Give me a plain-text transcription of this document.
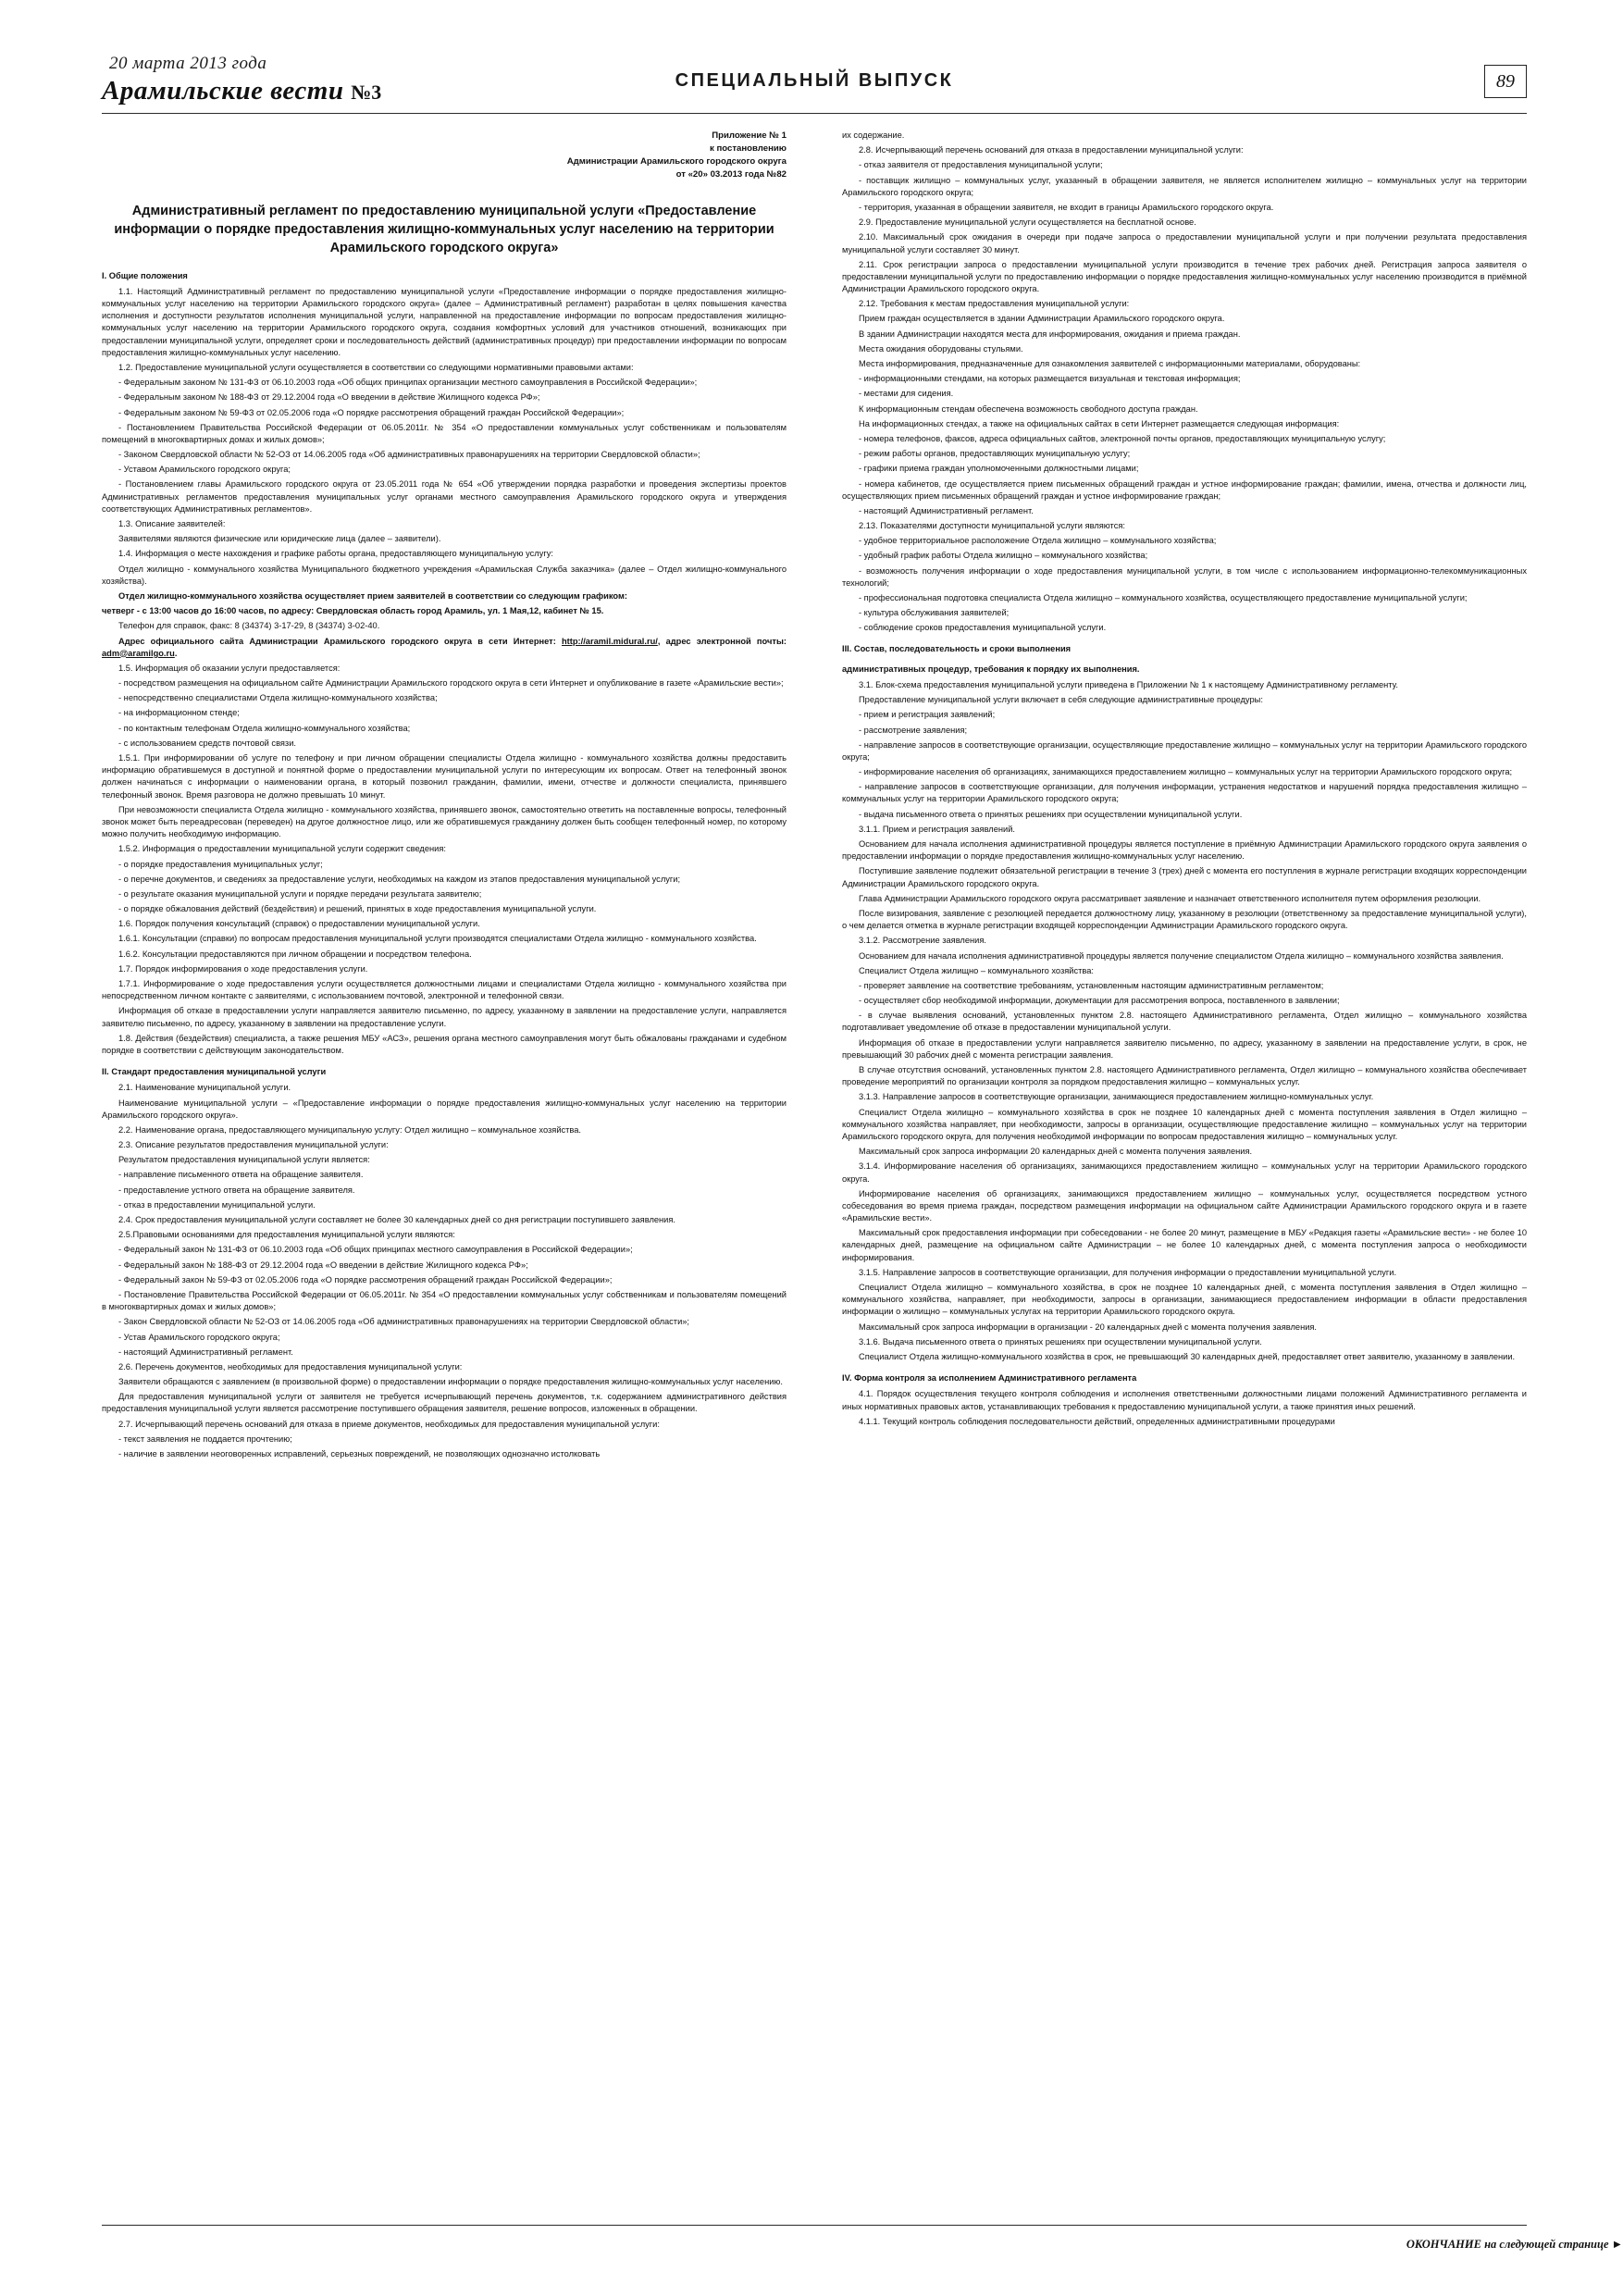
20 марта 2013 года
Арамильские вести №3	СПЕЦИАЛЬНЫЙ ВЫПУСК	89

Приложение № 1

к постановлению

Администрации Арамильского городского округа

от «20» 03.2013 года №82

Административный регламент по предоставлению муниципальной услуги «Предоставление информации о порядке предоставления жилищно-коммунальных услуг населению на территории Арамильского городского округа»

I. Общие положения

1.1. Настоящий Административный регламент по предоставлению муниципальной услуги «Предоставление информации о порядке предоставления жилищно-коммунальных услуг населению на территории Арамильского городского округа» (далее – Административный регламент) разработан в целях повышения качества исполнения и доступности результатов исполнения муниципальной услуги, направленной на предоставление информации по вопросам предоставления жилищно-коммунальных услуг населению на территории Арамильского городского округа, создания комфортных условий для участников отношений, возникающих при предоставлении муниципальной услуги, определяет сроки и последовательность действий (административных процедур) при предоставлении информации по вопросам предоставления жилищно-коммунальных услуг населению.

1.2. Предоставление муниципальной услуги осуществляется в соответствии со следующими нормативными правовыми актами:

- Федеральным законом № 131-ФЗ от 06.10.2003 года «Об общих принципах организации местного самоуправления в Российской Федерации»;

- Федеральным законом № 188-ФЗ от 29.12.2004 года «О введении в действие Жилищного кодекса РФ»;

- Федеральным законом № 59-ФЗ от 02.05.2006 года «О порядке рассмотрения обращений граждан Российской Федерации»;

- Постановлением Правительства Российской Федерации от 06.05.2011г. № 354 «О предоставлении коммунальных услуг собственникам и пользователям помещений в многоквартирных домах и жилых домов»;

- Законом Свердловской области № 52-ОЗ от 14.06.2005 года «Об административных правонарушениях на территории Свердловской области»;

- Уставом Арамильского городского округа;

- Постановлением главы Арамильского городского округа от 23.05.2011 года № 654 «Об утверждении порядка разработки и проведения экспертизы проектов Административных регламентов предоставления муниципальных услуг органами местного самоуправления Арамильского городского округа и утверждения соответствующих Административных регламентов».

1.3. Описание заявителей:

Заявителями являются физические или юридические лица (далее – заявители).

1.4. Информация о месте нахождения и графике работы органа, предоставляющего муниципальную услугу:

Отдел жилищно - коммунального хозяйства Муниципального бюджетного учреждения «Арамильская Служба заказчика» (далее – Отдел жилищно-коммунального хозяйства).

Отдел жилищно-коммунального хозяйства осуществляет прием заявителей в соответствии со следующим графиком:

четверг - с 13:00 часов до 16:00 часов, по адресу: Свердловская область город Арамиль, ул. 1 Мая,12, кабинет № 15.

Телефон для справок, факс: 8 (34374) 3-17-29, 8 (34374) 3-02-40.

Адрес официального сайта Администрации Арамильского городского округа в сети Интернет: http://aramil.midural.ru/, адрес электронной почты: adm@aramilgo.ru.

1.5. Информация об оказании услуги предоставляется:

- посредством размещения на официальном сайте Администрации Арамильского городского округа в сети Интернет и опубликование в газете «Арамильские вести»;

- непосредственно специалистами Отдела жилищно-коммунального хозяйства;

- на информационном стенде;

- по контактным телефонам Отдела жилищно-коммунального хозяйства;

- с использованием средств почтовой связи.

1.5.1. При информировании об услуге по телефону и при личном обращении специалисты Отдела жилищно - коммунального хозяйства должны предоставить информацию обратившемуся в доступной и понятной форме о предоставлении муниципальной услуги по интересующим их вопросам. Ответ на телефонный звонок должен начинаться с информации о наименовании органа, в который позвонил гражданин, фамилии, имени, отчестве и должности специалиста, принявшего телефонный звонок. Время разговора не должно превышать 10 минут.

При невозможности специалиста Отдела жилищно - коммунального хозяйства, принявшего звонок, самостоятельно ответить на поставленные вопросы, телефонный звонок может быть переадресован (переведен) на другое должностное лицо, или же обратившемуся гражданину должен быть сообщен телефонный номер, по которому можно получить необходимую информацию.

1.5.2. Информация о предоставлении муниципальной услуги содержит сведения:

- о порядке предоставления муниципальных услуг;

- о перечне документов, и сведениях за предоставление услуги, необходимых на каждом из этапов предоставления муниципальной услуги;

- о результате оказания муниципальной услуги и порядке передачи результата заявителю;

- о порядке обжалования действий (бездействия) и решений, принятых в ходе предоставления муниципальной услуги.

1.6. Порядок получения консультаций (справок) о предоставлении муниципальной услуги.

1.6.1. Консультации (справки) по вопросам предоставления муниципальной услуги производятся специалистами Отдела жилищно - коммунального хозяйства.

1.6.2. Консультации предоставляются при личном обращении и посредством телефона.

1.7. Порядок информирования о ходе предоставления услуги.

1.7.1. Информирование о ходе предоставления услуги осуществляется должностными лицами и специалистами Отдела жилищно - коммунального хозяйства при непосредственном личном контакте с заявителями, с использованием почтовой, электронной и телефонной связи.

Информация об отказе в предоставлении услуги направляется заявителю письменно, по адресу, указанному в заявлении на предоставление услуги, направляется заявителю письменно, по адресу, указанному в заявлении на предоставление услуги.

1.8. Действия (бездействия) специалиста, а также решения МБУ «АСЗ», решения органа местного самоуправления могут быть обжалованы гражданами и судебном порядке в соответствии с действующим законодательством.

II. Стандарт предоставления муниципальной услуги

2.1. Наименование муниципальной услуги.

Наименование муниципальной услуги – «Предоставление информации о порядке предоставления жилищно-коммунальных услуг населению на территории Арамильского городского округа».

2.2. Наименование органа, предоставляющего муниципальную услугу: Отдел жилищно – коммунальное хозяйства.

2.3. Описание результатов предоставления муниципальной услуги:

Результатом предоставления муниципальной услуги является:

- направление письменного ответа на обращение заявителя.

- предоставление устного ответа на обращение заявителя.

- отказ в предоставлении муниципальной услуги.

2.4. Срок предоставления муниципальной услуги составляет не более 30 календарных дней со дня регистрации поступившего заявления.

2.5.Правовыми основаниями для предоставления муниципальной услуги являются:

- Федеральный закон № 131-ФЗ от 06.10.2003 года «Об общих принципах местного самоуправления в Российской Федерации»;

- Федеральный закон № 188-ФЗ от 29.12.2004 года «О введении в действие Жилищного кодекса РФ»;

- Федеральный закон № 59-ФЗ от 02.05.2006 года «О порядке рассмотрения обращений граждан Российской Федерации»;

- Постановление Правительства Российской Федерации от 06.05.2011г. № 354 «О предоставлении коммунальных услуг собственникам и пользователям помещений в многоквартирных домах и жилых домов»;

- Закон Свердловской области № 52-ОЗ от 14.06.2005 года «Об административных правонарушениях на территории Свердловской области»;

- Устав Арамильского городского округа;

- настоящий Административный регламент.

2.6. Перечень документов, необходимых для предоставления муниципальной услуги:

Заявители обращаются с заявлением (в произвольной форме) о предоставлении информации о порядке предоставления жилищно-коммунальных услуг населению.

Для предоставления муниципальной услуги от заявителя не требуется исчерпывающий перечень документов, т.к. содержанием административного действия предоставления муниципальной услуги является рассмотрение поступившего обращения заявителя, решение вопросов, изложенных в обращении.

2.7. Исчерпывающий перечень оснований для отказа в приеме документов, необходимых для предоставления муниципальной услуги:

- текст заявления не поддается прочтению;

- наличие в заявлении неоговоренных исправлений, серьезных повреждений, не позволяющих однозначно истолковать

их содержание.

2.8. Исчерпывающий перечень оснований для отказа в предоставлении муниципальной услуги:

- отказ заявителя от предоставления муниципальной услуги;

- поставщик жилищно – коммунальных услуг, указанный в обращении заявителя, не является исполнителем жилищно – коммунальных услуг на территории Арамильского городского округа;

- территория, указанная в обращении заявителя, не входит в границы Арамильского городского округа.

2.9. Предоставление муниципальной услуги осуществляется на бесплатной основе.

2.10. Максимальный срок ожидания в очереди при подаче запроса о предоставлении муниципальной услуги и при получении результата предоставления муниципальной услуги составляет 30 минут.

2.11. Срок регистрации запроса о предоставлении муниципальной услуги производится в течение трех рабочих дней. Регистрация запроса заявителя о предоставлении муниципальной услуги по предоставлению информации о порядке предоставления жилищно-коммунальных услуг населению производится в приёмной Администрации Арамильского городского округа.

2.12. Требования к местам предоставления муниципальной услуги:

Прием граждан осуществляется в здании Администрации Арамильского городского округа.

В здании Администрации находятся места для информирования, ожидания и приема граждан.

Места ожидания оборудованы стульями.

Места информирования, предназначенные для ознакомления заявителей с информационными материалами, оборудованы:

- информационными стендами, на которых размещается визуальная и текстовая информация;

- местами для сидения.

К информационным стендам обеспечена возможность свободного доступа граждан.

На информационных стендах, а также на официальных сайтах в сети Интернет размещается следующая информация:

- номера телефонов, факсов, адреса официальных сайтов, электронной почты органов, предоставляющих муниципальную услугу;

- режим работы органов, предоставляющих муниципальную услугу;

- графики приема граждан уполномоченными должностными лицами;

- номера кабинетов, где осуществляется прием письменных обращений граждан и устное информирование граждан; фамилии, имена, отчества и должности лиц, осуществляющих прием письменных обращений граждан и устное информирование граждан;

- настоящий Административный регламент.

2.13. Показателями доступности муниципальной услуги являются:

- удобное территориальное расположение Отдела жилищно – коммунального хозяйства;

- удобный график работы Отдела жилищно – коммунального хозяйства;

- возможность получения информации о ходе предоставления муниципальной услуги, в том числе с использованием информационно-телекоммуникационных технологий;

- профессиональная подготовка специалиста Отдела жилищно – коммунального хозяйства, осуществляющего предоставление муниципальной услуги;

- культура обслуживания заявителей;

- соблюдение сроков предоставления муниципальной услуги.

III. Состав, последовательность и сроки выполнения

административных процедур, требования к порядку их выполнения.

3.1. Блок-схема предоставления муниципальной услуги приведена в Приложении № 1 к настоящему Административному регламенту.

Предоставление муниципальной услуги включает в себя следующие административные процедуры:

- прием и регистрация заявлений;

- рассмотрение заявления;

- направление запросов в соответствующие организации, осуществляющие предоставление жилищно – коммунальных услуг на территории Арамильского городского округа;

- информирование населения об организациях, занимающихся предоставлением жилищно – коммунальных услуг на территории Арамильского городского округа;

- направление запросов в соответствующие организации, для получения информации, устранения недостатков и нарушений порядка предоставления жилищно – коммунальных услуг на территории Арамильского городского округа;

- выдача письменного ответа о принятых решениях при осуществлении муниципальной услуги.

3.1.1. Прием и регистрация заявлений.

Основанием для начала исполнения административной процедуры является поступление в приёмную Администрации Арамильского городского округа заявления о предоставлении информации о порядке предоставления жилищно-коммунальных услуг населению.

Поступившие заявление подлежит обязательной регистрации в течение 3 (трех) дней с момента его поступления в журнале регистрации входящих корреспонденции Администрации Арамильского городского округа.

Глава Администрации Арамильского городского округа рассматривает заявление и назначает ответственного исполнителя путем оформления резолюции.

После визирования, заявление с резолюцией передается должностному лицу, указанному в резолюции (ответственному за предоставление муниципальной услуги), о чем делается отметка в журнале регистрации входящей корреспонденции Администрации Арамильского городского округа.

3.1.2. Рассмотрение заявления.

Основанием для начала исполнения административной процедуры является получение специалистом Отдела жилищно – коммунального хозяйства заявления.

Специалист Отдела жилищно – коммунального хозяйства:

- проверяет заявление на соответствие требованиям, установленным настоящим административным регламентом;

- осуществляет сбор необходимой информации, документации для рассмотрения вопроса, поставленного в заявлении;

- в случае выявления оснований, установленных пунктом 2.8. настоящего Административного регламента, Отдел жилищно – коммунального хозяйства подготавливает уведомление об отказе в предоставлении муниципальной услуги.

Информация об отказе в предоставлении услуги направляется заявителю письменно, по адресу, указанному в заявлении на предоставление услуги, в срок, не превышающий 30 рабочих дней с момента регистрации заявления.

В случае отсутствия оснований, установленных пунктом 2.8. настоящего Административного регламента, Отдел жилищно – коммунального хозяйства обеспечивает проведение мероприятий по организации контроля за порядком предоставления жилищно – коммунальных услуг.

3.1.3. Направление запросов в соответствующие организации, занимающиеся предоставлением жилищно-коммунальных услуг.

Специалист Отдела жилищно – коммунального хозяйства в срок не позднее 10 календарных дней с момента поступления заявления в Отдел жилищно – коммунального хозяйства направляет, при необходимости, запросы в организации, осуществляющие предоставление жилищно – коммунальных услуг на территории Арамильского городского округа, для получения необходимой информации по вопросам предоставления жилищно – коммунальных услуг.

Максимальный срок запроса информации 20 календарных дней с момента получения заявления.

3.1.4. Информирование населения об организациях, занимающихся предоставлением жилищно – коммунальных услуг на территории Арамильского городского округа.

Информирование населения об организациях, занимающихся предоставлением жилищно – коммунальных услуг, осуществляется посредством устного собеседования во время приема граждан, посредством размещения информации на официальном сайте Администрации Арамильского городского округа и в газете «Арамильские вести».

Максимальный срок предоставления информации при собеседовании - не более 20 минут, размещение в МБУ «Редакция газеты «Арамильские вести» - не более 10 календарных дней, размещение на официальном сайте Администрации – не более 10 календарных дней, с момента поступления запроса о необходимости информирования.

3.1.5. Направление запросов в соответствующие организации, для получения информации о предоставлении муниципальной услуги.

Специалист Отдела жилищно – коммунального хозяйства, в срок не позднее 10 календарных дней, с момента поступления заявления в Отдел жилищно – коммунального хозяйства, направляет, при необходимости, запросы в организации, занимающиеся предоставлением информации в области предоставления информации о жилищно – коммунальных услугах на территории Арамильского городского округа.

Максимальный срок запроса информации в организации - 20 календарных дней с момента получения заявления.

3.1.6. Выдача письменного ответа о принятых решениях при осуществлении муниципальной услуги.

Специалист Отдела жилищно-коммунального хозяйства в срок, не превышающий 30 календарных дней, предоставляет ответ заявителю, указанному в заявлении.

IV. Форма контроля за исполнением Административного регламента

4.1. Порядок осуществления текущего контроля соблюдения и исполнения ответственными должностными лицами положений Административного регламента и иных нормативных правовых актов, устанавливающих требования к предоставлению муниципальной услуги, а также принятия иных решений.

4.1.1. Текущий контроль соблюдения последовательности действий, определенных административными процедурами

ОКОНЧАНИЕ на следующей странице ►
